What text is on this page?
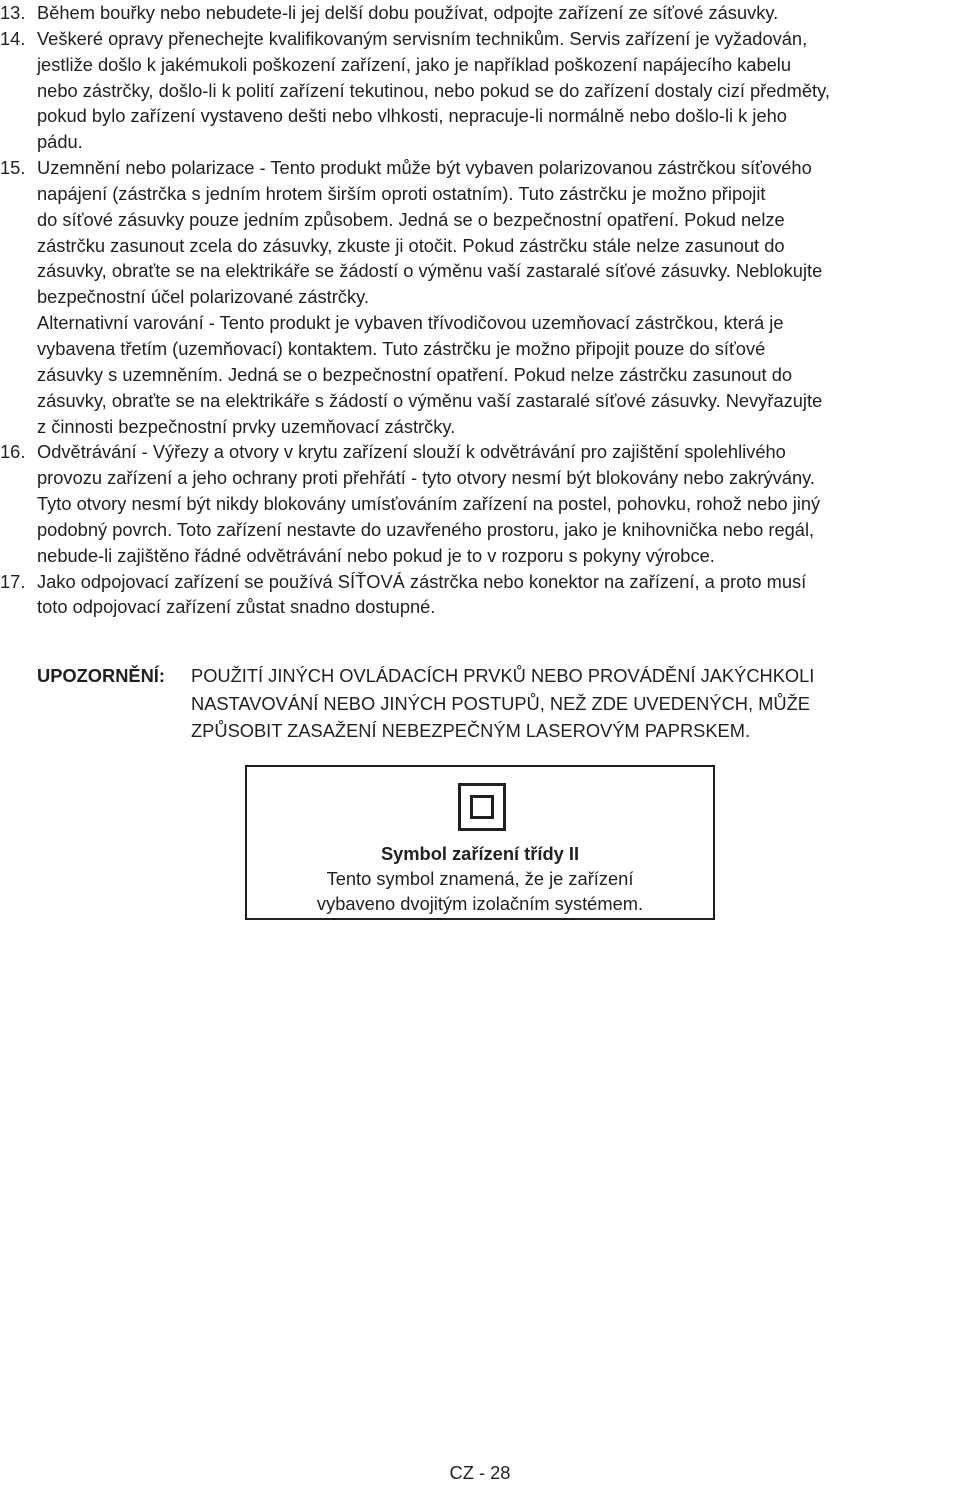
13. Během bouřky nebo nebudete-li jej delší dobu používat, odpojte zařízení ze síťové zásuvky.
14. Veškeré opravy přenechejte kvalifikovaným servisním technikům. Servis zařízení je vyžadován,
jestliže došlo k jakémukoli poškození zařízení, jako je například poškození napájecího kabelu
nebo zástrčky, došlo-li k polití zařízení tekutinou, nebo pokud se do zařízení dostaly cizí předměty,
pokud bylo zařízení vystaveno dešti nebo vlhkosti, nepracuje-li normálně nebo došlo-li k jeho
pádu.
15. Uzemnění nebo polarizace - Tento produkt může být vybaven polarizovanou zástrčkou síťového
napájení (zástrčka s jedním hrotem širším oproti ostatním). Tuto zástrčku je možno připojit
do síťové zásuvky pouze jedním způsobem. Jedná se o bezpečnostní opatření. Pokud nelze
zástrčku zasunout zcela do zásuvky, zkuste ji otočit. Pokud zástrčku stále nelze zasunout do
zásuvky, obraťte se na elektrikáře se žádostí o výměnu vaší zastaralé síťové zásuvky. Neblokujte
bezpečnostní účel polarizované zástrčky.
Alternativní varování - Tento produkt je vybaven třívodičovou uzemňovací zástrčkou, která je
vybavena třetím (uzemňovací) kontaktem. Tuto zástrčku je možno připojit pouze do síťové
zásuvky s uzemněním. Jedná se o bezpečnostní opatření. Pokud nelze zástrčku zasunout do
zásuvky, obraťte se na elektrikáře s žádostí o výměnu vaší zastaralé síťové zásuvky. Nevyřazujte
z činnosti bezpečnostní prvky uzemňovací zástrčky.
16. Odvětrávání - Výřezy a otvory v krytu zařízení slouží k odvětrávání pro zajištění spolehlivého
provozu zařízení a jeho ochrany proti přehřátí - tyto otvory nesmí být blokovány nebo zakrývány.
Tyto otvory nesmí být nikdy blokovány umísťováním zařízení na postel, pohovku, rohož nebo jiný
podobný povrch. Toto zařízení nestavte do uzavřeného prostoru, jako je knihovnička nebo regál,
nebude-li zajištěno řádné odvětrávání nebo pokud je to v rozporu s pokyny výrobce.
17. Jako odpojovací zařízení se používá SÍŤOVÁ zástrčka nebo konektor na zařízení, a proto musí
toto odpojovací zařízení zůstat snadno dostupné.
UPOZORNĚNÍ: POUŽITÍ JINÝCH OVLÁDACÍCH PRVKŮ NEBO PROVÁDĚNÍ JAKÝCHKOLI
NASTAVOVÁNÍ NEBO JINÝCH POSTUPŮ, NEŽ ZDE UVEDENÝCH, MŮŽE
ZPŮSOBIT ZASAŽENÍ NEBEZPEČNÝM LASEROVÝM PAPRSKEM.
Symbol zařízení třídy II
Tento symbol znamená, že je zařízení
vybaveno dvojitým izolačním systémem.
CZ - 28
